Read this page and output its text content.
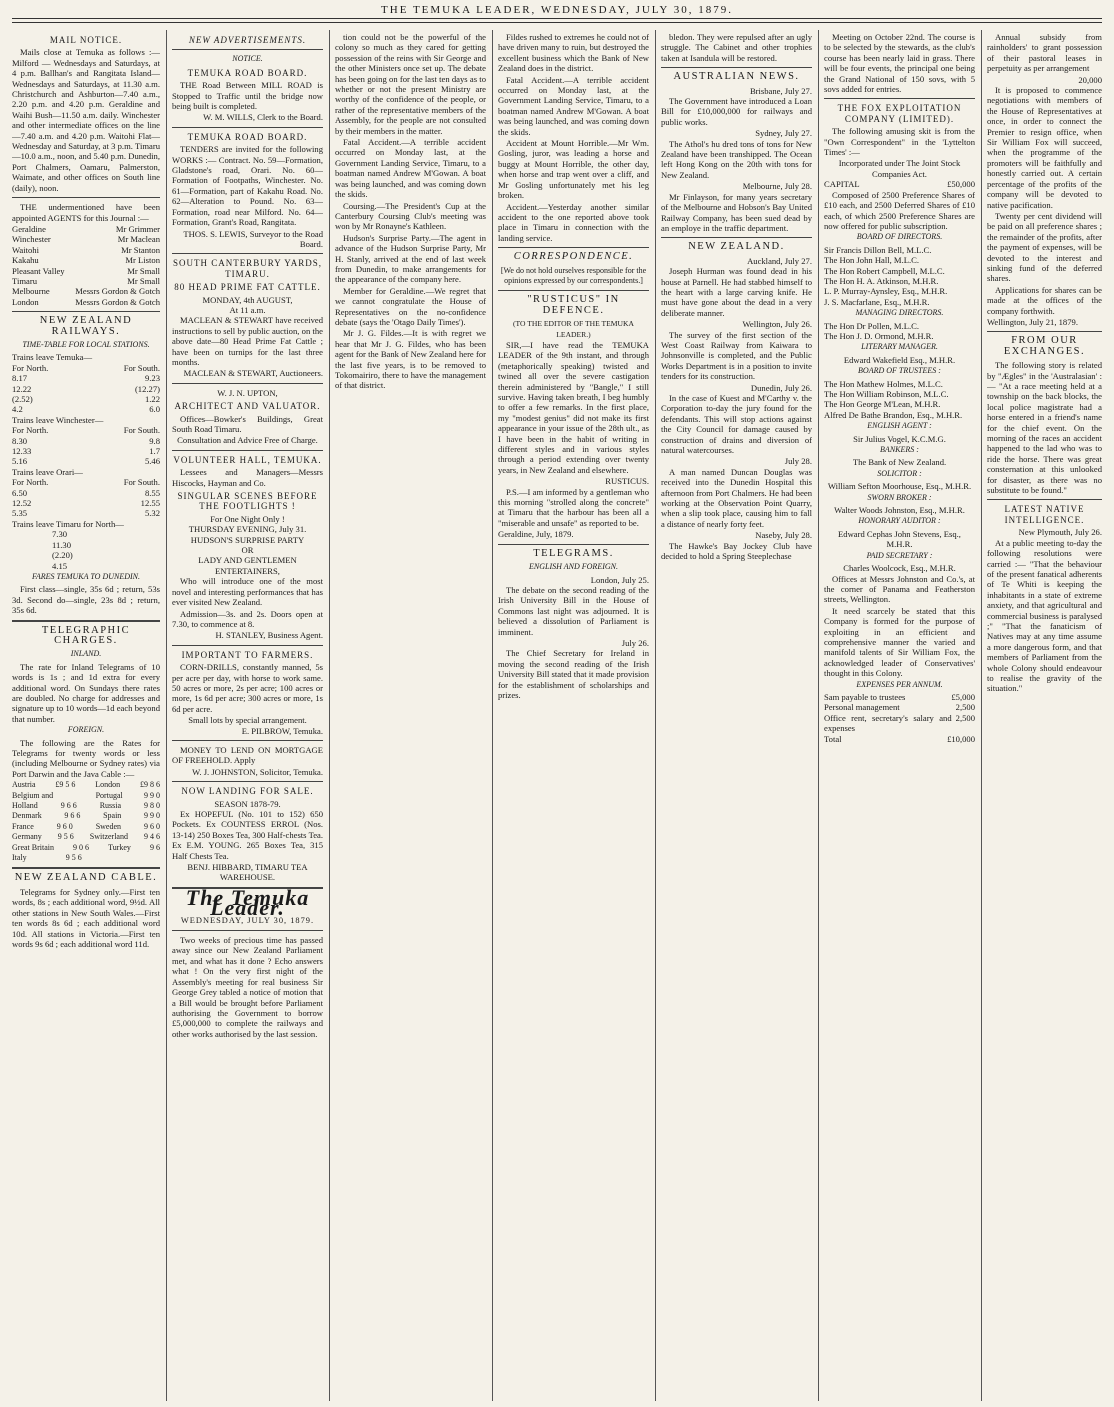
THE TEMUKA LEADER, WEDNESDAY, JULY 30, 1879.
MAIL NOTICE.

Mails close at Temuka as follows :— Milford — Wednesdays and Saturdays, at 4 p.m. Ballhan's and Rangitata Island—Wednesdays and Saturdays, at 11.30 a.m. Christchurch and Ashburton—7.40 a.m., 2.20 p.m. and 4.20 p.m. Geraldine and Waihi Bush—11.50 a.m. daily. Winchester and other intermediate offices on the line—7.40 a.m. and 4.20 p.m. Waitohi Flat—Wednesday and Saturday, at 3 p.m. Timaru—10.0 a.m., noon, and 5.40 p.m. Dunedin, Port Chalmers, Oamaru, Palmerston, Waimate, and other offices on South line (daily), noon.

THE undermentioned have been appointed AGENTS for this Journal :—

Geraldine	Mr Grimmer
Winchester	Mr Maclean
Waitohi	Mr Stanton
Kakahu	Mr Liston
Pleasant Valley	Mr Small
Timaru	Mr Small
Melbourne	Messrs Gordon & Gotch
London	Messrs Gordon & Gotch
NEW ZEALAND RAILWAYS.
TIME-TABLE FOR LOCAL STATIONS.

Trains leave Temuka—

For North.	For South.
8.17	9.23
12.22	(12.27)
(2.52)	1.22
4.2	6.0

Trains leave Winchester—

For North.	For South.
8.30	9.8
12.33	1.7
5.16	5.46

Trains leave Orari—

For North.	For South.
6.50	8.55
12.52	12.55
5.35	5.32

Trains leave Timaru for North—

7.30
11.30
(2.20)
4.15
FARES TEMUKA TO DUNEDIN.

First class—single, 35s 6d ; return, 53s 3d. Second do—single, 23s 8d ; return, 35s 6d.

TELEGRAPHIC CHARGES.
INLAND.

The rate for Inland Telegrams of 10 words is 1s ; and 1d extra for every additional word. On Sundays there rates are doubled. No charge for addresses and signature up to 10 words—1d each beyond that number.

FOREIGN.

The following are the Rates for Telegrams for twenty words or less (including Melbourne or Sydney rates) via Port Darwin and the Java Cable :—

Austria £9 5 6 London £9 8 6
Belgium and	Portugal	9 9 0
Holland	9 6 6	Russia	9 8 0
Denmark	9 6 6	Spain	9 9 0
France	9 6 0	Sweden	9 6 0
Germany 9 5 6 Switzerland 9 4 6
Great Britain 9 0 6 Turkey 9 6
Italy	9 5 6
NEW ZEALAND CABLE.

Telegrams for Sydney only.—First ten words, 8s ; each additional word, 9½d. All other stations in New South Wales.—First ten words 8s 6d ; each additional word 10d. All stations in Victoria.—First ten words 9s 6d ; each additional word 11d.

NEW ADVERTISEMENTS.
NOTICE.
TEMUKA ROAD BOARD.

THE Road Between MILL ROAD is Stopped to Traffic until the bridge now being built is completed.

W. M. WILLS, Clerk to the Board.

TEMUKA ROAD BOARD.

TENDERS are invited for the following WORKS :— Contract. No. 59—Formation, Gladstone's road, Orari. No. 60—Formation of Footpaths, Winchester. No. 61—Formation, part of Kakahu Road. No. 62—Alteration to Pound. No. 63—Formation, road near Milford. No. 64—Formation, Grant's Road, Rangitata.

THOS. S. LEWIS, Surveyor to the Road Board.

SOUTH CANTERBURY YARDS, TIMARU.
80 HEAD PRIME FAT CATTLE.

MONDAY, 4th AUGUST,

At 11 a.m.

MACLEAN & STEWART have received instructions to sell by public auction, on the above date—80 Head Prime Fat Cattle ; have been on turnips for the last three months.

MACLEAN & STEWART, Auctioneers.

W. J. N. UPTON,

ARCHITECT AND VALUATOR.

Offices—Bowker's Buildings, Great South Road Timaru.

Consultation and Advice Free of Charge.

VOLUNTEER HALL, TEMUKA.

Lessees and Managers—Messrs Hiscocks, Hayman and Co.

SINGULAR SCENES BEFORE THE FOOTLIGHTS !

For One Night Only !

THURSDAY EVENING, July 31.

HUDSON'S SURPRISE PARTY

OR

LADY AND GENTLEMEN ENTERTAINERS,

Who will introduce one of the most novel and interesting performances that has ever visited New Zealand.

Admission—3s. and 2s. Doors open at 7.30, to commence at 8.

H. STANLEY, Business Agent.

IMPORTANT TO FARMERS.

CORN-DRILLS, constantly manned, 5s per acre per day, with horse to work same. 50 acres or more, 2s per acre; 100 acres or more, 1s 6d per acre; 300 acres or more, 1s 6d per acre.

Small lots by special arrangement.

E. PILBROW, Temuka.

MONEY TO LEND ON MORTGAGE OF FREEHOLD. Apply

W. J. JOHNSTON, Solicitor, Temuka.

NOW LANDING FOR SALE.

SEASON 1878-79.

Ex HOPEFUL (No. 101 to 152) 650 Pockets. Ex COUNTESS ERROL (Nos. 13-14) 250 Boxes Tea, 300 Half-chests Tea. Ex E.M. YOUNG. 265 Boxes Tea, 315 Half Chests Tea.

BENJ. HIBBARD, TIMARU TEA WAREHOUSE.

The Temuka Leader.
WEDNESDAY, JULY 30, 1879.

Two weeks of precious time has passed away since our New Zealand Parliament met, and what has it done ? Echo answers what ! On the very first night of the Assembly's meeting for real business Sir George Grey tabled a notice of motion that a Bill would be brought before Parliament authorising the Government to borrow £5,000,000 to complete the railways and other works authorised by the last session.

tion could not be the powerful of the colony so much as they cared for getting possession of the reins with Sir George and the other Ministers once set up. The debate has been going on for the last ten days as to whether or not the present Ministry are worthy of the confidence of the people, or rather of the representative members of the Assembly, for the people are not consulted by their members in the matter.

Fatal Accident.—A terrible accident occurred on Monday last, at the Government Landing Service, Timaru, to a boatman named Andrew M'Gowan. A boat was being launched, and was coming down the skids.

Coursing.—The President's Cup at the Canterbury Coursing Club's meeting was won by Mr Ronayne's Kathleen.

Hudson's Surprise Party.—The agent in advance of the Hudson Surprise Party, Mr H. Stanly, arrived at the end of last week from Dunedin, to make arrangements for the appearance of the company here.

Member for Geraldine.—We regret that we cannot congratulate the House of Representatives on the no-confidence debate (says the 'Otago Daily Times').

Mr J. G. Fildes.—It is with regret we hear that Mr J. G. Fildes, who has been agent for the Bank of New Zealand here for the last five years, is to be removed to Tokomairiro, there to have the management of that district.

Fildes rushed to extremes he could not of have driven many to ruin, but destroyed the excellent business which the Bank of New Zealand does in the district.

Fatal Accident.—A terrible accident occurred on Monday last, at the Government Landing Service, Timaru, to a boatman named Andrew M'Gowan. A boat was being launched, and was coming down the skids.

Accident at Mount Horrible.—Mr Wm. Gosling, juror, was leading a horse and buggy at Mount Horrible, the other day, when horse and trap went over a cliff, and Mr Gosling unfortunately met his leg broken.

Accident.—Yesterday another similar accident to the one reported above took place in Timaru in connection with the landing service.

CORRESPONDENCE.

[We do not hold ourselves responsible for the opinions expressed by our correspondents.]

"RUSTICUS" IN DEFENCE.

(TO THE EDITOR OF THE TEMUKA LEADER.)

SIR,—I have read the TEMUKA LEADER of the 9th instant, and through (metaphorically speaking) twisted and twined all over the severe castigation therein administered by "Bangle," I still survive. Having taken breath, I beg humbly to offer a few remarks. In the first place, my "modest genius" did not make its first appearance in your issue of the 28th ult., as I have been in the habit of writing in different styles and in various styles through a period extending over twenty years, in New Zealand and elsewhere.

RUSTICUS.

P.S.—I am informed by a gentleman who this morning "strolled along the concrete" at Timaru that the harbour has been all a "miserable and unsafe" as reported to be.

Geraldine, July, 1879.

TELEGRAMS.
ENGLISH AND FOREIGN.

London, July 25.

The debate on the second reading of the Irish University Bill in the House of Commons last night was adjourned. It is believed a dissolution of Parliament is imminent.

July 26.

The Chief Secretary for Ireland in moving the second reading of the Irish University Bill stated that it made provision for the establishment of scholarships and prizes.

bledon. They were repulsed after an ugly struggle. The Cabinet and other trophies taken at Isandula will be restored.

AUSTRALIAN NEWS.

Brisbane, July 27.

The Government have introduced a Loan Bill for £10,000,000 for railways and public works.

Sydney, July 27.

The Athol's hu dred tons of tons for New Zealand have been transhipped. The Ocean left Hong Kong on the 20th with tons for New Zealand.

Melbourne, July 28.

Mr Finlayson, for many years secretary of the Melbourne and Hobson's Bay United Railway Company, has been sued dead by an employe in the traffic department.

NEW ZEALAND.

Auckland, July 27.

Joseph Hurman was found dead in his house at Parnell. He had stabbed himself to the heart with a large carving knife. He must have gone about the dead in a very deliberate manner.

Wellington, July 26.

The survey of the first section of the West Coast Railway from Kaiwara to Johnsonville is completed, and the Public Works Department is in a position to invite tenders for its construction.

Dunedin, July 26.

In the case of Kuest and M'Carthy v. the Corporation to-day the jury found for the defendants. This will stop actions against the City Council for damage caused by construction of drains and diversion of natural watercourses.

July 28.

A man named Duncan Douglas was received into the Dunedin Hospital this afternoon from Port Chalmers. He had been working at the Observation Point Quarry, when a slip took place, causing him to fall a distance of nearly forty feet.

Naseby, July 28.

The Hawke's Bay Jockey Club have decided to hold a Spring Steeplechase

Meeting on October 22nd. The course is to be selected by the stewards, as the club's course has been nearly laid in grass. There will be four events, the principal one being the Grand National of 150 sovs, with 5 sovs added for entries.

THE FOX EXPLOITATION COMPANY (LIMITED).

The following amusing skit is from the "Own Correspondent" in the 'Lyttelton Times' :—

Incorporated under The Joint Stock Companies Act.

CAPITAL	£50,000

Composed of 2500 Preference Shares of £10 each, and 2500 Deferred Shares of £10 each, of which 2500 Preference Shares are now offered for public subscription.

BOARD OF DIRECTORS.
Sir Francis Dillon Bell, M.L.C.
The Hon John Hall, M.L.C.
The Hon Robert Campbell, M.L.C.
The Hon H. A. Atkinson, M.H.R.
L. P. Murray-Aynsley, Esq., M.H.R.
J. S. Macfarlane, Esq., M.H.R.
MANAGING DIRECTORS.
The Hon Dr Pollen, M.L.C.
The Hon J. D. Ormond, M.H.R.
LITERARY MANAGER.

Edward Wakefield Esq., M.H.R.

BOARD OF TRUSTEES :
The Hon Mathew Holmes, M.L.C.
The Hon William Robinson, M.L.C.
The Hon George M'Lean, M.H.R.
Alfred De Bathe Brandon, Esq., M.H.R.
ENGLISH AGENT :

Sir Julius Vogel, K.C.M.G.

BANKERS :

The Bank of New Zealand.

SOLICITOR :

William Sefton Moorhouse, Esq., M.H.R.

SWORN BROKER :

Walter Woods Johnston, Esq., M.H.R.

HONORARY AUDITOR :

Edward Cephas John Stevens, Esq., M.H.R.

PAID SECRETARY :

Charles Woolcock, Esq., M.H.R.

Offices at Messrs Johnston and Co.'s, at the corner of Panama and Featherston streets, Wellington.

It need scarcely be stated that this Company is formed for the purpose of exploiting in an efficient and comprehensive manner the varied and manifold talents of Sir William Fox, the acknowledged leader of Conservatives' thought in this Colony.

EXPENSES PER ANNUM.
Sam payable to trustees	£5,000
Personal management	2,500
Office rent, secretary's salary and expenses
2,500
Total	£10,000

Annual subsidy from rainholders' to grant possession of their pastoral leases in perpetuity as per arrangement

20,000

It is proposed to commence negotiations with members of the House of Representatives at once, in order to connect the Premier to resign office, when Sir William Fox will succeed, when the programme of the promoters will be faithfully and honestly carried out. A certain percentage of the profits of the company will be devoted to native pacification.

Twenty per cent dividend will be paid on all preference shares ; the remainder of the profits, after the payment of expenses, will be devoted to the interest and sinking fund of the deferred shares.

Applications for shares can be made at the offices of the company forthwith.

Wellington, July 21, 1879.

FROM OUR EXCHANGES.

The following story is related by "Ægles" in the 'Australasian' :— "At a race meeting held at a township on the back blocks, the local police magistrate had a horse entered in a friend's name for the chief event. On the morning of the races an accident happened to the lad who was to ride the horse. There was great consternation at this unlooked for disaster, as there was no substitute to be found."

LATEST NATIVE INTELLIGENCE.

New Plymouth, July 26.

At a public meeting to-day the following resolutions were carried :— "That the behaviour of the present fanatical adherents of Te Whiti is keeping the inhabitants in a state of extreme anxiety, and that agricultural and commercial business is paralysed ;" "That the fanaticism of Natives may at any time assume a more dangerous form, and that members of Parliament from the whole Colony should endeavour to realise the gravity of the situation."
